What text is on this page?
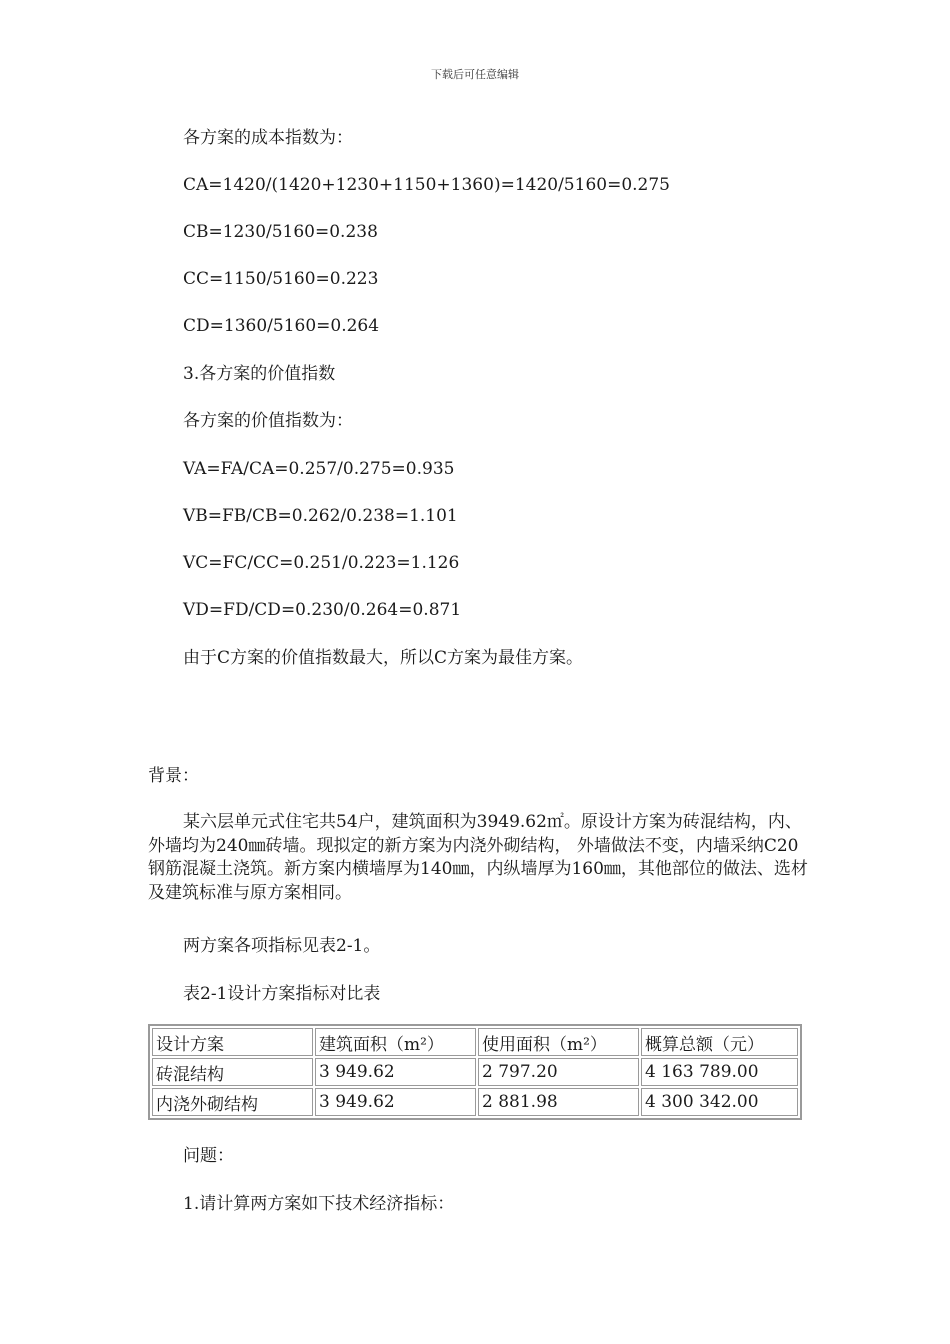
下载后可任意编辑
各方案的成本指数为：
CA=1420/(1420+1230+1150+1360)=1420/5160=0.275
CB=1230/5160=0.238
CC=1150/5160=0.223
CD=1360/5160=0.264
3.各方案的价值指数
各方案的价值指数为：
VA=FA/CA=0.257/0.275=0.935
VB=FB/CB=0.262/0.238=1.101
VC=FC/CC=0.251/0.223=1.126
VD=FD/CD=0.230/0.264=0.871
由于C方案的价值指数最大，所以C方案为最佳方案。
背景：
某六层单元式住宅共54户，建筑面积为3949.62㎡。原设计方案为砖混结构，内、外墙均为240㎜砖墙。现拟定的新方案为内浇外砌结构， 外墙做法不变，内墙采纳C20钢筋混凝土浇筑。新方案内横墙厚为140㎜，内纵墙厚为160㎜，其他部位的做法、选材及建筑标准与原方案相同。
两方案各项指标见表2-1。
表2-1设计方案指标对比表
设计方案	建筑面积（m²）	使用面积（m²）	概算总额（元）
砖混结构	3 949.62	2 797.20	4 163 789.00
内浇外砌结构	3 949.62	2 881.98	4 300 342.00
问题：
1.请计算两方案如下技术经济指标：
